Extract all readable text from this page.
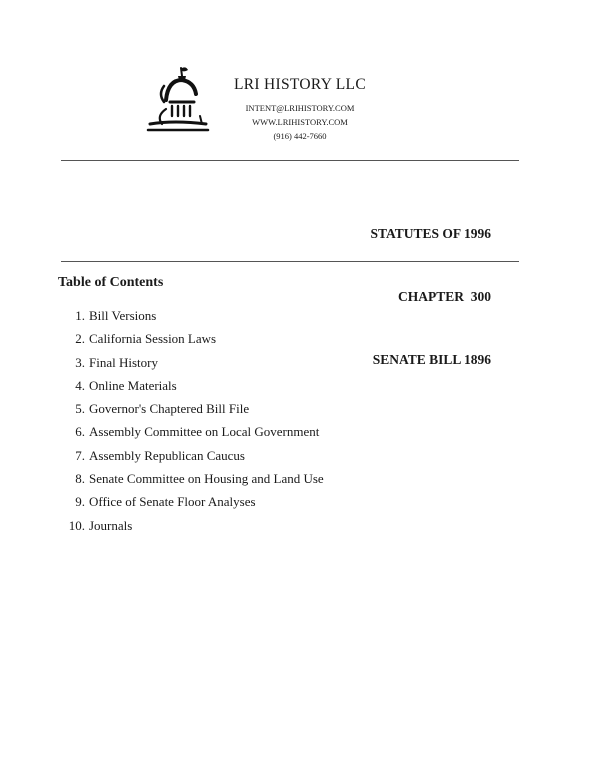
LRI HISTORY LLC
INTENT@LRIHISTORY.COM
WWW.LRIHISTORY.COM
(916) 442-7660

STATUTES OF 1996

CHAPTER  300

SENATE BILL 1896

Table of Contents
1. Bill Versions
2. California Session Laws
3. Final History
4. Online Materials
5. Governor's Chaptered Bill File
6. Assembly Committee on Local Government
7. Assembly Republican Caucus
8. Senate Committee on Housing and Land Use
9. Office of Senate Floor Analyses
10. Journals
